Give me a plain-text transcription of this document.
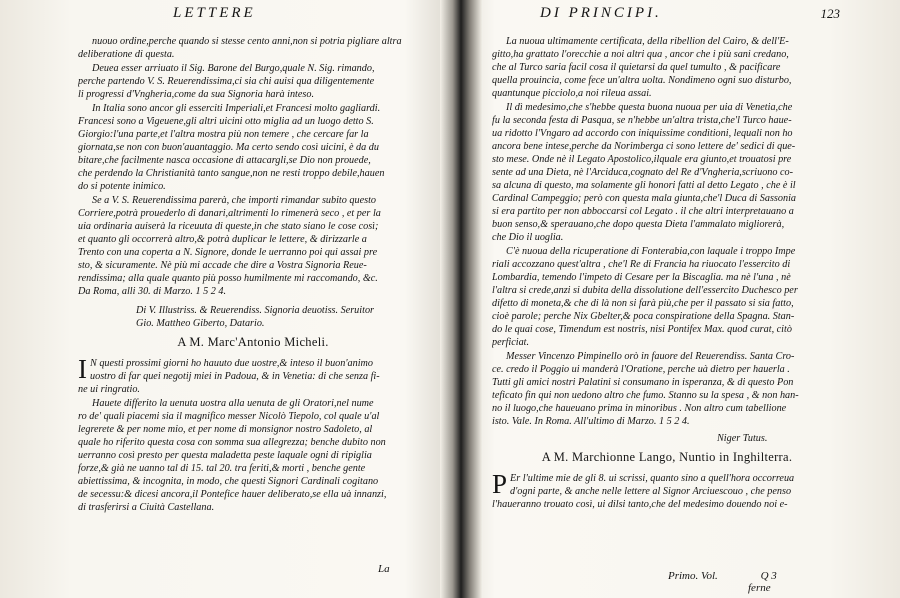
LETTERE
nuouo ordine,perche quando si stesse cento anni,non si potria pigliare altra
deliberatione di questa.
Deuea esser arriuato il Sig. Barone del Burgo,quale N. Sig. rimando,
perche partendo V. S. Reuerendissima,ci sia chi auisi qua diligentemente
li progressi d'Vngheria,come da sua Signoria harà inteso.
In Italia sono ancor gli esserciti Imperiali,et Francesi molto gagliardi.
Francesi sono a Vigeuene,gli altri uicini otto miglia ad un luogo detto S.
Giorgio:l'una parte,et l'altra mostra più non temere , che cercare far la
giornata,se non con buon'auantaggio. Ma certo sendo così uicini, è da du
bitare,che facilmente nasca occasione di attacargli,se Dio non prouede,
che perdendo la Christianità tanto sangue,non ne resti troppo debile,hauen
do si potente inimico.
Se a V. S. Reuerendissima parerà, che importi rimandar subito questo
Corriere,potrà prouederlo di danari,altrimenti lo rimenerà seco , et per la
uia ordinaria auiserà la riceuuta di queste,in che stato siano le cose così;
et quanto gli occorrerà altro,& potrà duplicar le lettere, & dirizzarle a
Trento con una coperta a N. Signore, donde le uerranno poi qui assai pre
sto, & sicuramente. Nè più mi accade che dire a Vostra Signoria Reue-
rendissima; alla quale quanto più posso humilmente mi raccomando, &c.
Da Roma, alli 30. di Marzo. 1 5 2 4.
Di V. Illustriss. & Reuerendiss. Signoria deuotiss. Seruitor
Gio. Mattheo Giberto, Datario.
A M. Marc'Antonio Micheli.
I N questi prossimi giorni ho hauuto due uostre,& inteso il buon'animo
uostro di far quei negotij miei in Padoua, & in Venetia: di che senza fi-
ne ui ringratio.
Hauete differito la uenuta uostra alla uenuta de gli Oratori,nel nume
ro de' quali piacemi sia il magnifico messer Nicolò Tiepolo, col quale u'al
legrerete & per nome mio, et per nome di monsignor nostro Sadoleto, al
quale ho riferito questa cosa con somma sua allegrezza; benche dubito non
uerranno così presto per questa maladetta peste laquale ogni di ripiglia
forze,& già ne uanno tal di 15. tal 20. tra feriti,& morti , benche gente
abiettissima, & incognita, in modo, che questi Signori Cardinali cogitano
de secessu:& dicesi ancora,il Pontefice hauer deliberato,se ella uà innanzi,
di trasferirsi a Ciuità Castellana.
La
DI PRINCIPI.	123
La nuoua ultimamente certificata, della ribellion del Cairo, & dell'E-
gitto,ha grattato l'orecchie a noi altri qua , ancor che i più sani credano,
che al Turco saria facil cosa il quietarsi da quel tumulto , & pacificare
quella prouincia, come fece un'altra uolta. Nondimeno ogni suo disturbo,
quantunque picciolo,a noi rileua assai.
Il dì medesimo,che s'hebbe questa buona nuoua per uia di Venetia,che
fu la seconda festa di Pasqua, se n'hebbe un'altra trista,che'l Turco haue-
ua ridotto l'Vngaro ad accordo con iniquissime conditioni, lequali non ho
ancora bene intese,perche da Norimberga ci sono lettere de' sedici di que-
sto mese. Onde nè il Legato Apostolico,ilquale era giunto,et trouatosi pre
sente ad una Dieta, nè l'Arciduca,cognato del Re d'Vngheria,scriuono co-
sa alcuna di questo, ma solamente gli honori fatti al detto Legato , che è il
Cardinal Campeggio; però con questa mala giunta,che'l Duca di Sassonia
si era partito per non abboccarsi col Legato . il che altri interpretauano a
buon senso,& sperauano,che dopo questa Dieta l'ammalato migliorerà,
che Dio il uoglia.
C'è nuoua della ricuperatione di Fonterabia,con laquale i troppo Impe
riali accozzano quest'altra , che'l Re di Francia ha riuocato l'essercito di
Lombardia, temendo l'impeto di Cesare per la Biscaglia. ma nè l'una , nè
l'altra si crede,anzi si dubita della dissolutione dell'essercito Duchesco per
difetto di moneta,& che di là non si farà più,che per il passato si sia fatto,
cioè parole; perche Nix Gbelter,& poca conspiratione della Spagna. Stan-
do le quai cose, Timendum est nostris, nisi Pontifex Max. quod curat, citò
perficiat.
Messer Vincenzo Pimpinello orò in fauore del Reuerendiss. Santa Cro-
ce. credo il Poggio ui manderà l'Oratione, perche uà dietro per hauerla .
Tutti gli amici nostri Palatini si consumano in isperanza, & di questo Pon
teficato fin qui non uedono altro che fumo. Stanno su la spesa , & non han-
no il luogo,che haueuano prima in minoribus . Non altro cum tabellione
isto. Vale. In Roma. All'ultimo di Marzo. 1 5 2 4.
Niger Tutus.
A M. Marchionne Lango, Nuntio in Inghilterra.
P Er l'ultime mie de gli 8. ui scrissi, quanto sino a quell'hora occorreua
d'ogni parte, & anche nelle lettere al Signor Arciuescouo , che penso
l'haueranno trouato così, ui dilsi tanto,che del medesimo douendo noi e-
Primo. Vol.	Q 3 ferne
